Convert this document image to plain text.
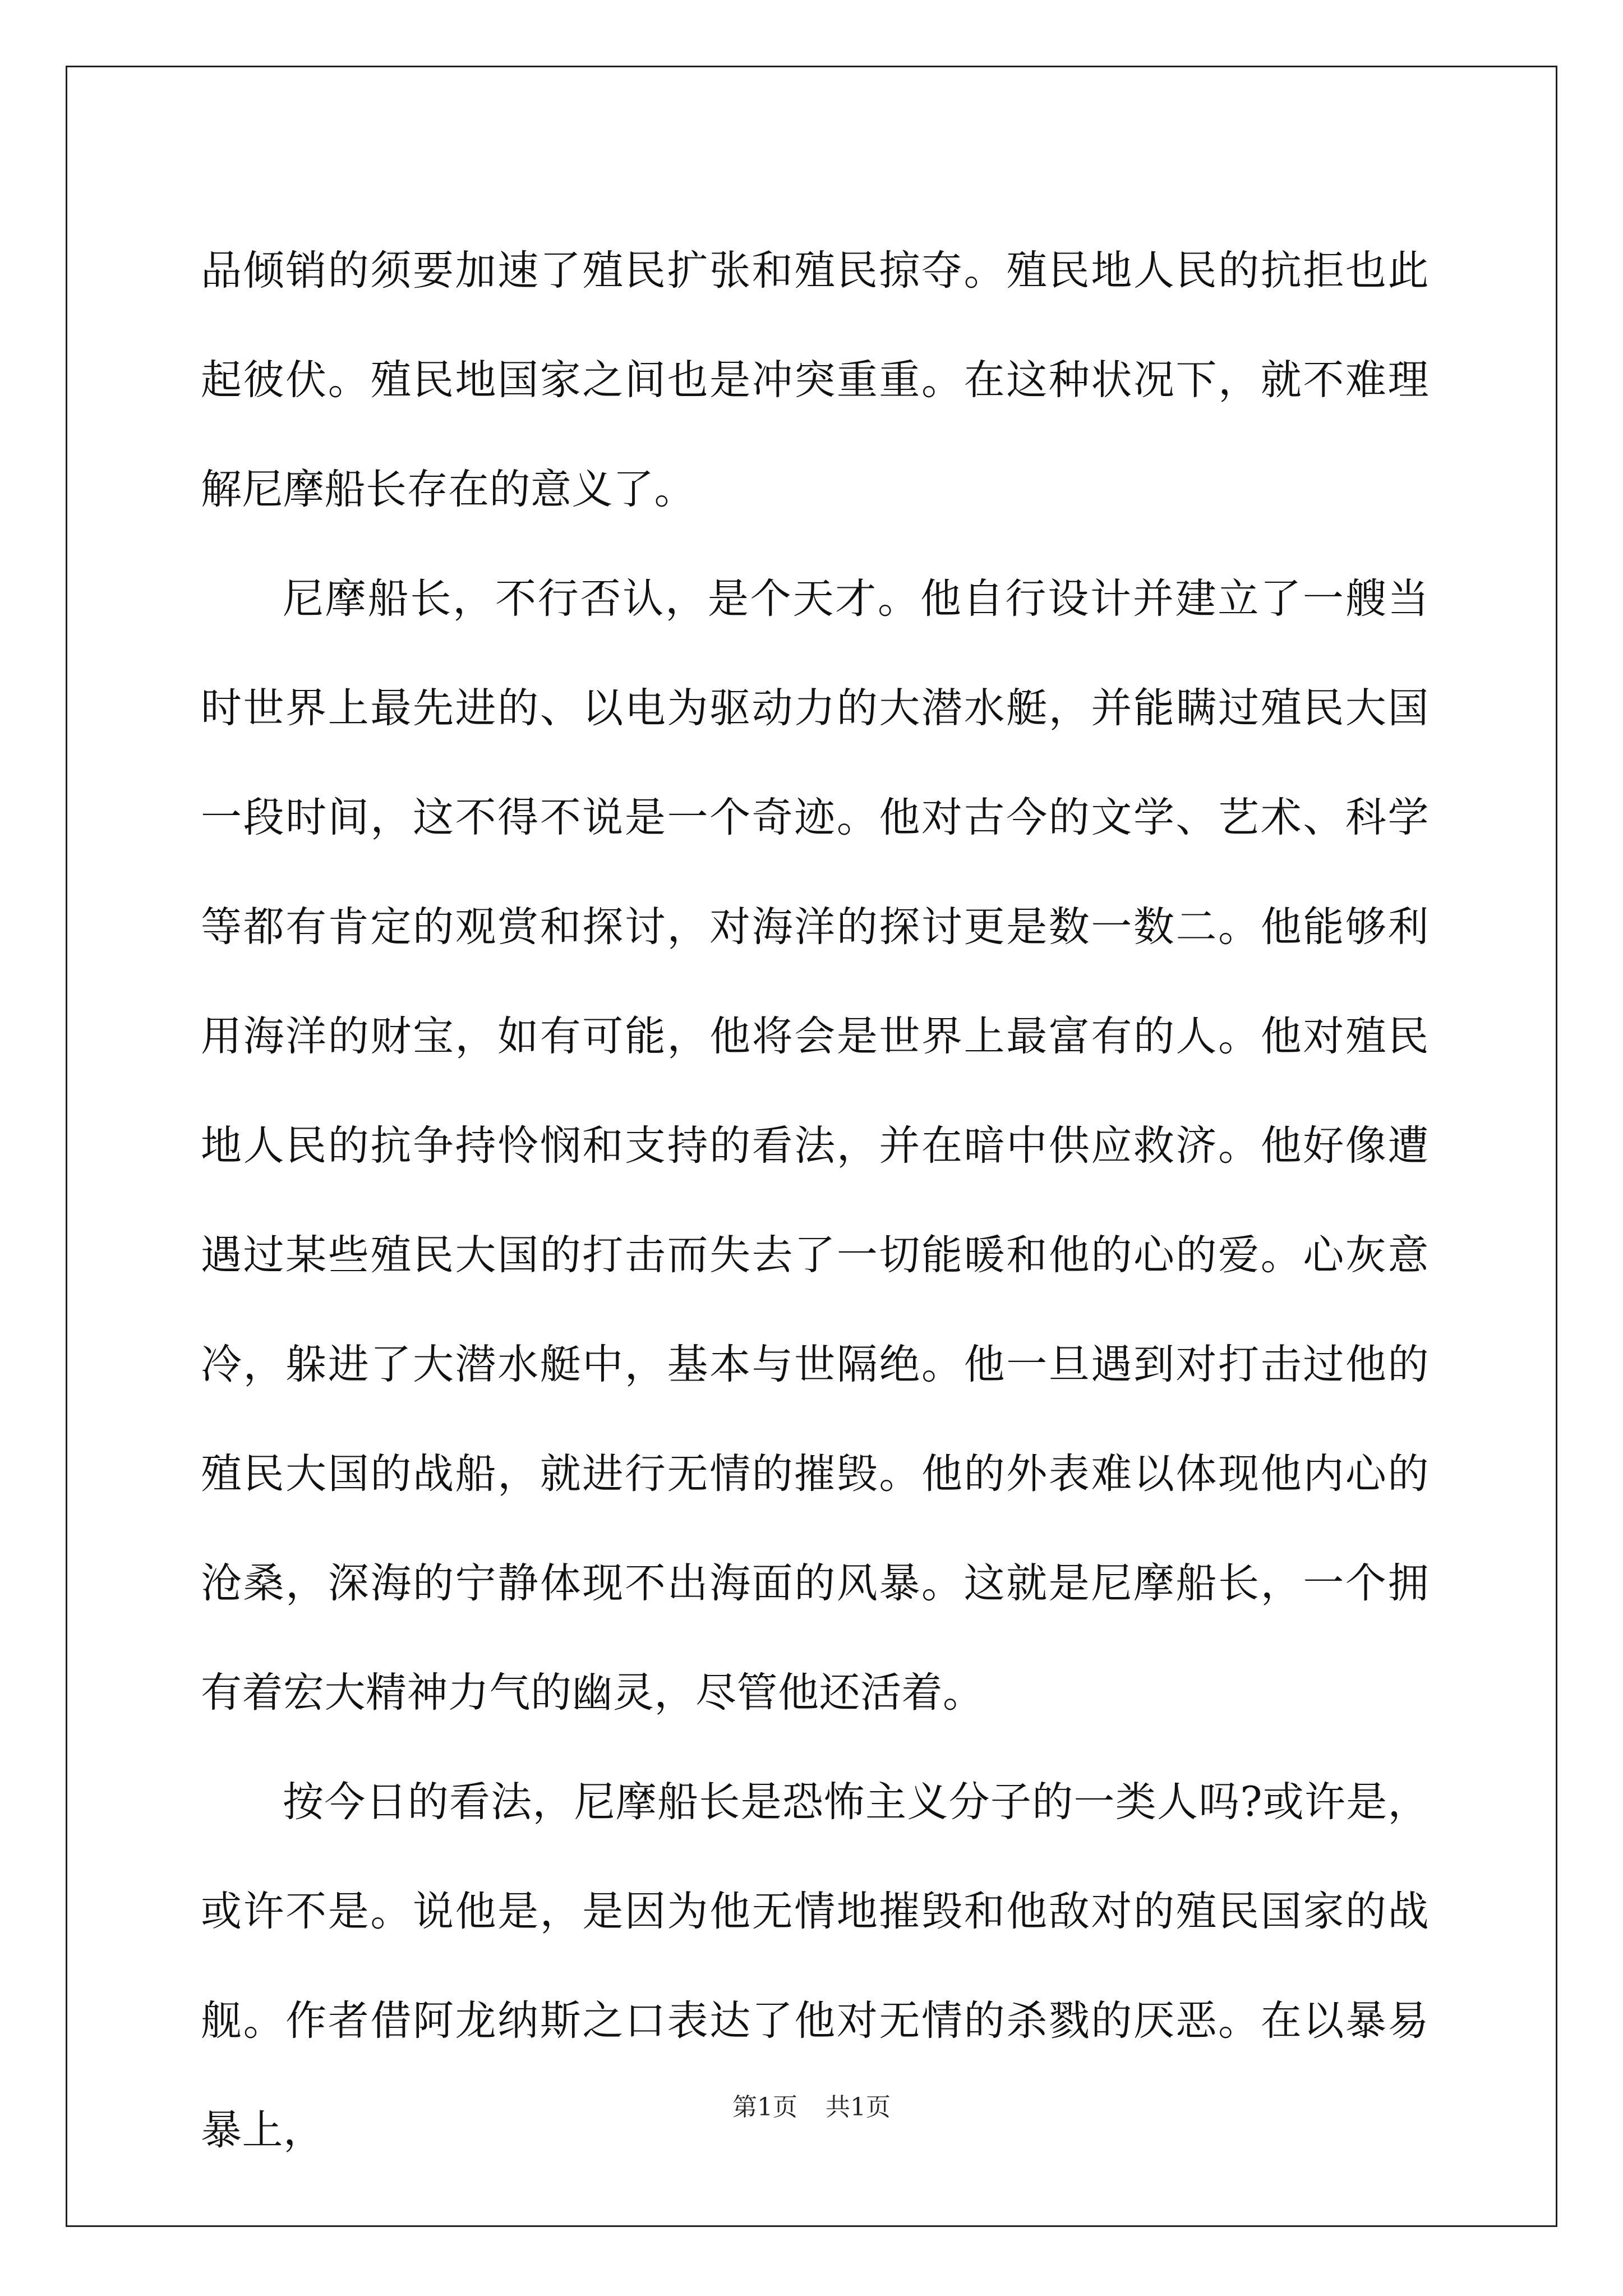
品倾销的须要加速了殖民扩张和殖民掠夺。殖民地人民的抗拒也此起彼伏。殖民地国家之间也是冲突重重。在这种状况下，就不难理解尼摩船长存在的意义了。

尼摩船长，不行否认，是个天才。他自行设计并建立了一艘当时世界上最先进的、以电为驱动力的大潜水艇，并能瞒过殖民大国一段时间，这不得不说是一个奇迹。他对古今的文学、艺术、科学等都有肯定的观赏和探讨，对海洋的探讨更是数一数二。他能够利用海洋的财宝，如有可能，他将会是世界上最富有的人。他对殖民地人民的抗争持怜悯和支持的看法，并在暗中供应救济。他好像遭遇过某些殖民大国的打击而失去了一切能暖和他的心的爱。心灰意冷，躲进了大潜水艇中，基本与世隔绝。他一旦遇到对打击过他的殖民大国的战船，就进行无情的摧毁。他的外表难以体现他内心的沧桑，深海的宁静体现不出海面的风暴。这就是尼摩船长，一个拥有着宏大精神力气的幽灵，尽管他还活着。

按今日的看法，尼摩船长是恐怖主义分子的一类人吗?或许是，或许不是。说他是，是因为他无情地摧毁和他敌对的殖民国家的战舰。作者借阿龙纳斯之口表达了他对无情的杀戮的厌恶。在以暴易暴上，	第1页 共1页
